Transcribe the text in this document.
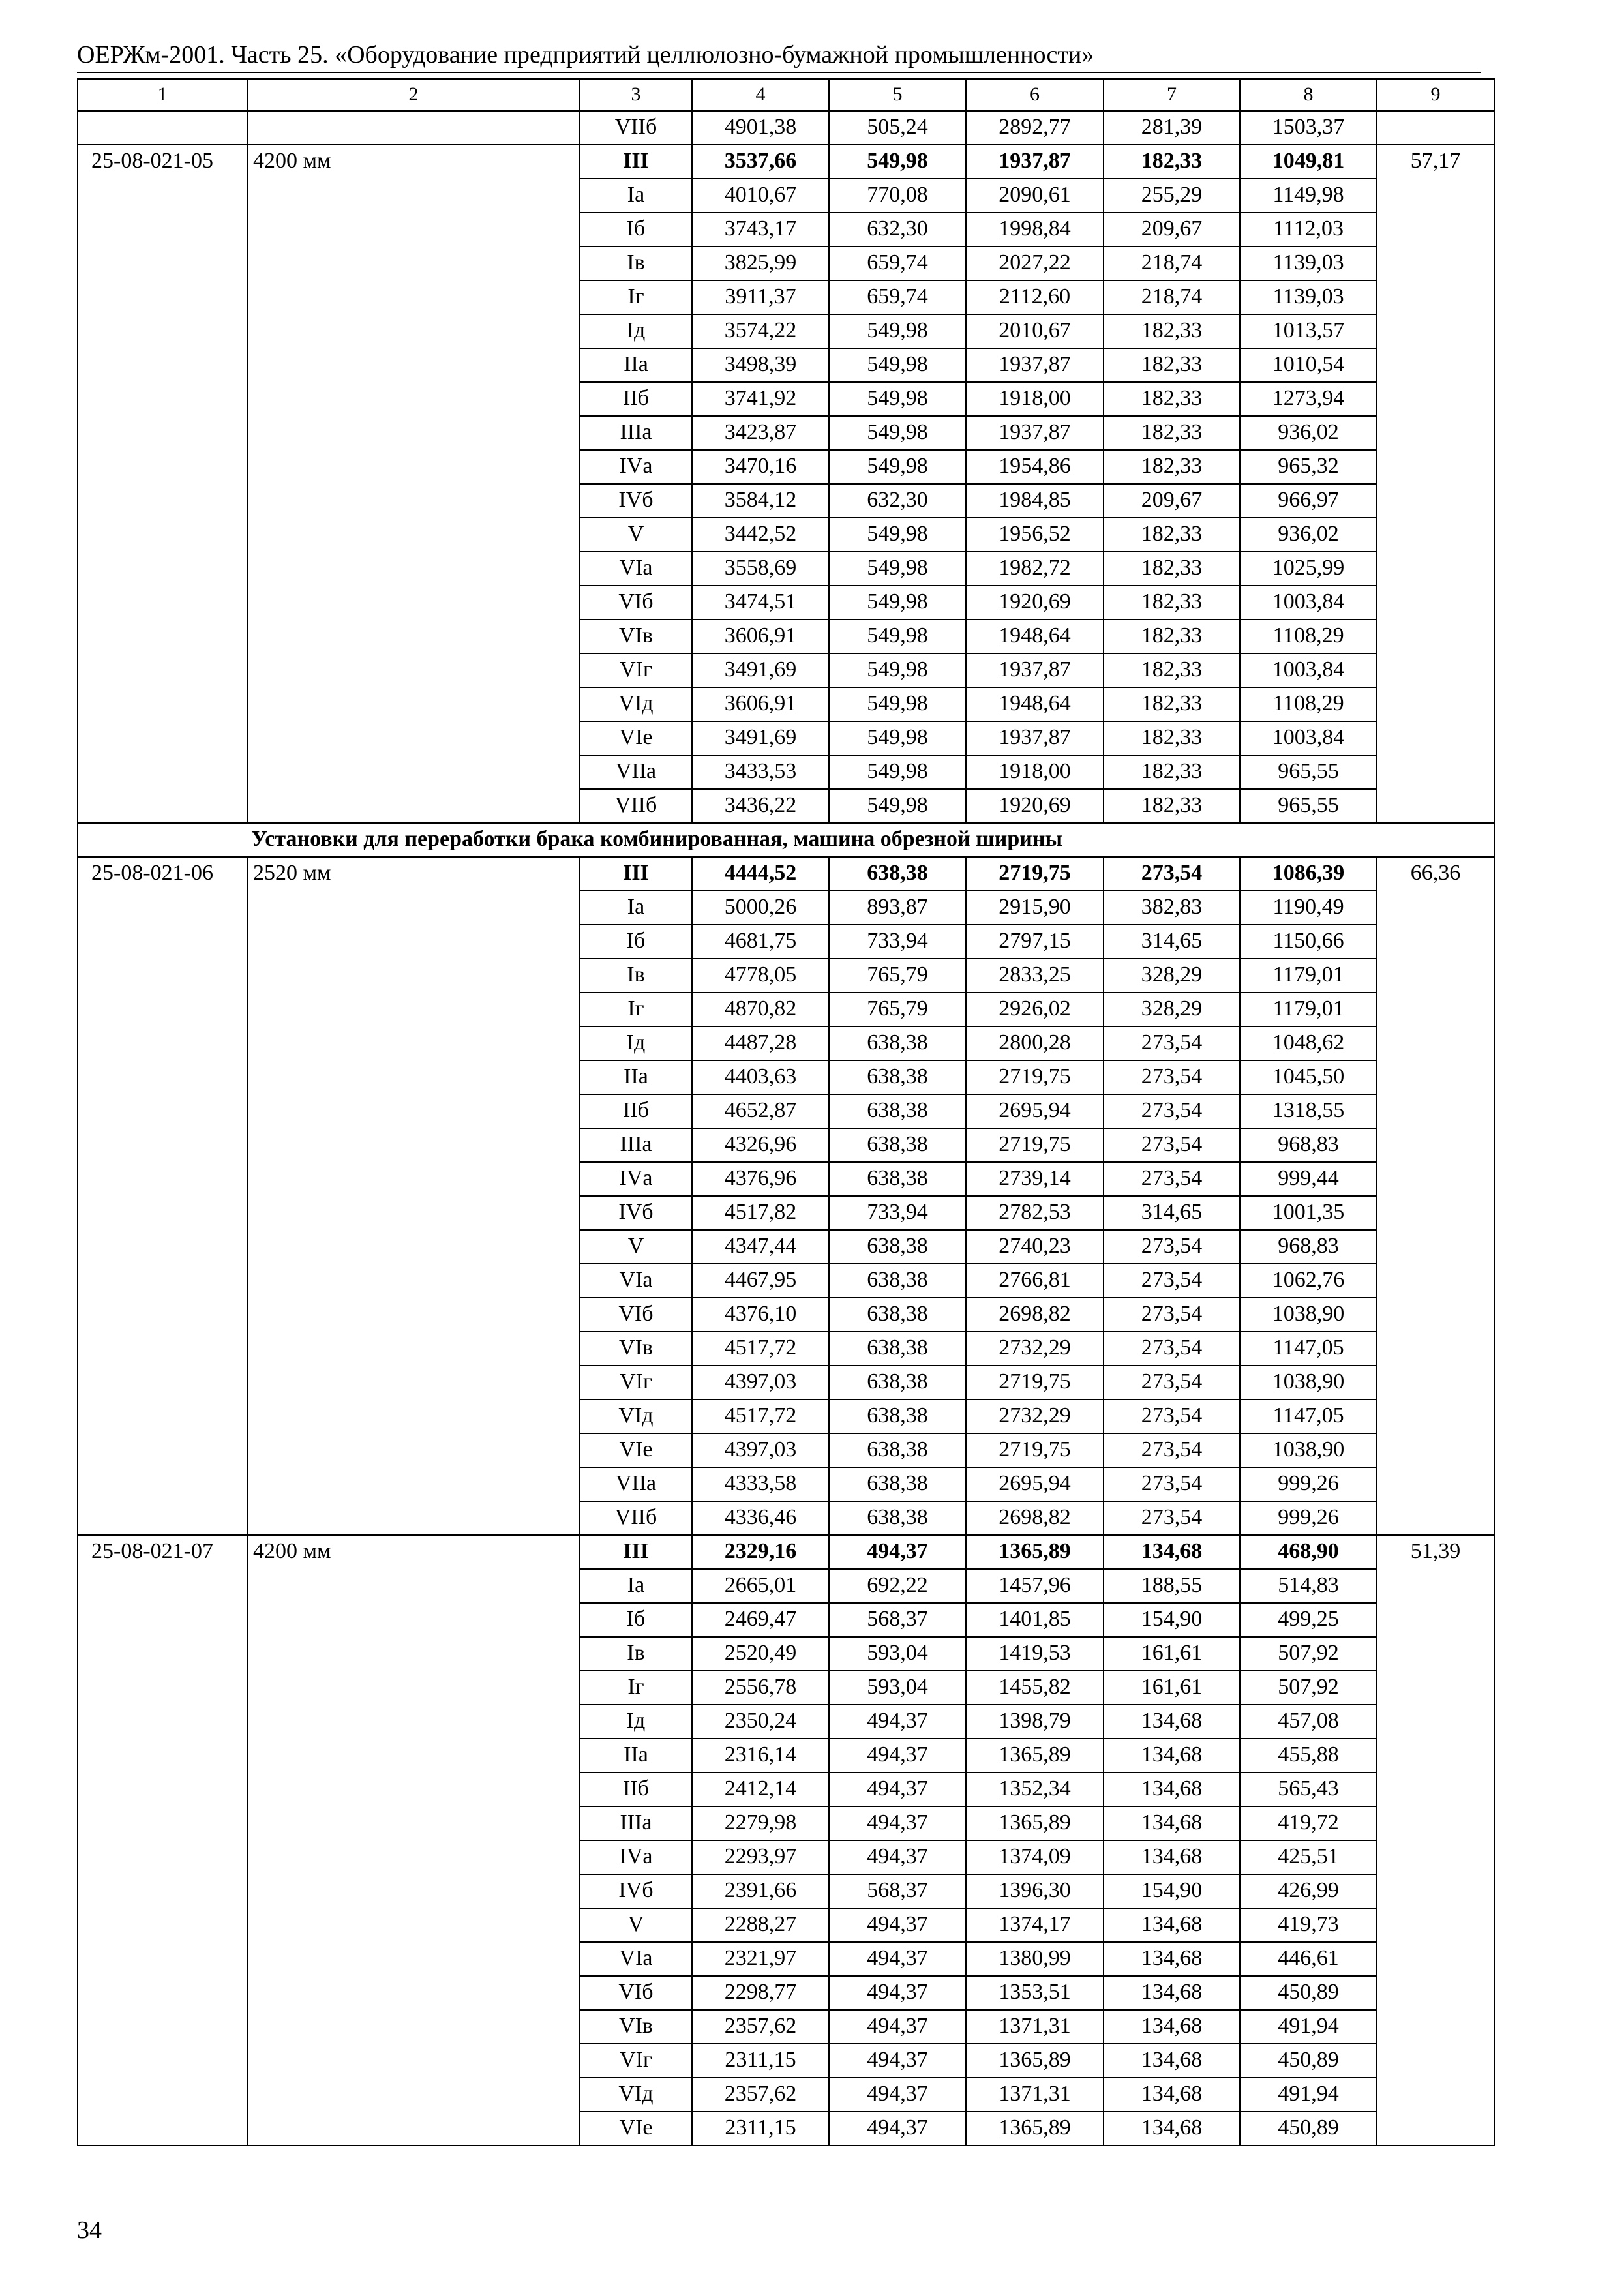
ОЕРЖм-2001. Часть 25. «Оборудование предприятий целлюлозно-бумажной промышленности»
1	2	3	4	5	6	7	8	9
		VIIб	4901,38	505,24	2892,77	281,39	1503,37	
25-08-021-05	4200 мм	III	3537,66	549,98	1937,87	182,33	1049,81	57,17
		Iа	4010,67	770,08	2090,61	255,29	1149,98	
		Iб	3743,17	632,30	1998,84	209,67	1112,03	
		Iв	3825,99	659,74	2027,22	218,74	1139,03	
		Iг	3911,37	659,74	2112,60	218,74	1139,03	
		Iд	3574,22	549,98	2010,67	182,33	1013,57	
		IIа	3498,39	549,98	1937,87	182,33	1010,54	
		IIб	3741,92	549,98	1918,00	182,33	1273,94	
		IIIа	3423,87	549,98	1937,87	182,33	936,02	
		IVа	3470,16	549,98	1954,86	182,33	965,32	
		IVб	3584,12	632,30	1984,85	209,67	966,97	
		V	3442,52	549,98	1956,52	182,33	936,02	
		VIа	3558,69	549,98	1982,72	182,33	1025,99	
		VIб	3474,51	549,98	1920,69	182,33	1003,84	
		VIв	3606,91	549,98	1948,64	182,33	1108,29	
		VIг	3491,69	549,98	1937,87	182,33	1003,84	
		VIд	3606,91	549,98	1948,64	182,33	1108,29	
		VIе	3491,69	549,98	1937,87	182,33	1003,84	
		VIIа	3433,53	549,98	1918,00	182,33	965,55	
		VIIб	3436,22	549,98	1920,69	182,33	965,55	
	Установки для переработки брака комбинированная, машина обрезной ширины							
25-08-021-06	2520 мм	III	4444,52	638,38	2719,75	273,54	1086,39	66,36
		Iа	5000,26	893,87	2915,90	382,83	1190,49	
		Iб	4681,75	733,94	2797,15	314,65	1150,66	
		Iв	4778,05	765,79	2833,25	328,29	1179,01	
		Iг	4870,82	765,79	2926,02	328,29	1179,01	
		Iд	4487,28	638,38	2800,28	273,54	1048,62	
		IIа	4403,63	638,38	2719,75	273,54	1045,50	
		IIб	4652,87	638,38	2695,94	273,54	1318,55	
		IIIа	4326,96	638,38	2719,75	273,54	968,83	
		IVа	4376,96	638,38	2739,14	273,54	999,44	
		IVб	4517,82	733,94	2782,53	314,65	1001,35	
		V	4347,44	638,38	2740,23	273,54	968,83	
		VIа	4467,95	638,38	2766,81	273,54	1062,76	
		VIб	4376,10	638,38	2698,82	273,54	1038,90	
		VIв	4517,72	638,38	2732,29	273,54	1147,05	
		VIг	4397,03	638,38	2719,75	273,54	1038,90	
		VIд	4517,72	638,38	2732,29	273,54	1147,05	
		VIе	4397,03	638,38	2719,75	273,54	1038,90	
		VIIа	4333,58	638,38	2695,94	273,54	999,26	
		VIIб	4336,46	638,38	2698,82	273,54	999,26	
25-08-021-07	4200 мм	III	2329,16	494,37	1365,89	134,68	468,90	51,39
		Iа	2665,01	692,22	1457,96	188,55	514,83	
		Iб	2469,47	568,37	1401,85	154,90	499,25	
		Iв	2520,49	593,04	1419,53	161,61	507,92	
		Iг	2556,78	593,04	1455,82	161,61	507,92	
		Iд	2350,24	494,37	1398,79	134,68	457,08	
		IIа	2316,14	494,37	1365,89	134,68	455,88	
		IIб	2412,14	494,37	1352,34	134,68	565,43	
		IIIа	2279,98	494,37	1365,89	134,68	419,72	
		IVа	2293,97	494,37	1374,09	134,68	425,51	
		IVб	2391,66	568,37	1396,30	154,90	426,99	
		V	2288,27	494,37	1374,17	134,68	419,73	
		VIа	2321,97	494,37	1380,99	134,68	446,61	
		VIб	2298,77	494,37	1353,51	134,68	450,89	
		VIв	2357,62	494,37	1371,31	134,68	491,94	
		VIг	2311,15	494,37	1365,89	134,68	450,89	
		VIд	2357,62	494,37	1371,31	134,68	491,94	
		VIе	2311,15	494,37	1365,89	134,68	450,89	
34
